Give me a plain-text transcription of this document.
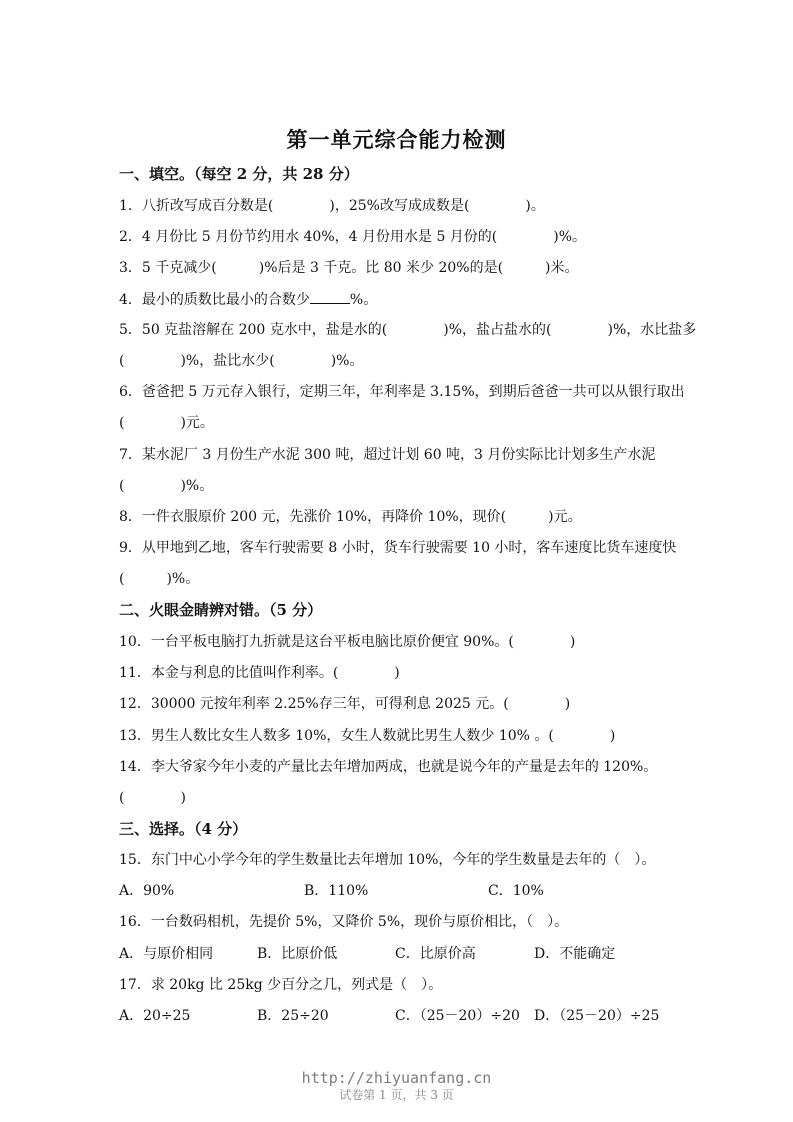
第一单元综合能力检测
一、填空。（每空 2 分，共 28 分）
1．八折改写成百分数是(　　　　)，25%改写成成数是(　　　　)。
2．4 月份比 5 月份节约用水 40%，4 月份用水是 5 月份的(　　　　)%。
3．5 千克减少(　　　)%后是 3 千克。比 80 米少 20%的是(　　　)米。
4．最小的质数比最小的合数少	%。
5．50 克盐溶解在 200 克水中，盐是水的(　　　　)%，盐占盐水的(　　　　)%，水比盐多
(　　　　)%，盐比水少(　　　　)%。
6．爸爸把 5 万元存入银行，定期三年，年利率是 3.15%，到期后爸爸一共可以从银行取出
(　　　　)元。
7．某水泥厂 3 月份生产水泥 300 吨，超过计划 60 吨，3 月份实际比计划多生产水泥
(　　　　)%。
8．一件衣服原价 200 元，先涨价 10%，再降价 10%，现价(　　　)元。
9．从甲地到乙地，客车行驶需要 8 小时，货车行驶需要 10 小时，客车速度比货车速度快
(　　　)%。
二、火眼金睛辨对错。（5 分）
10．一台平板电脑打九折就是这台平板电脑比原价便宜 90%。(　　　　)
11．本金与利息的比值叫作利率。(　　　　)
12．30000 元按年利率 2.25%存三年，可得利息 2025 元。(　　　　)
13．男生人数比女生人数多 10%，女生人数就比男生人数少 10% 。(　　　　)
14．李大爷家今年小麦的产量比去年增加两成，也就是说今年的产量是去年的 120%。
(　　　　)
三、选择。（4 分）
15．东门中心小学今年的学生数量比去年增加 10%，今年的学生数量是去年的（　）。
A．90%	B．110%	C．10%
16．一台数码相机，先提价 5%，又降价 5%，现价与原价相比，（　）。
A．与原价相同	B．比原价低	C．比原价高	D．不能确定
17．求 20kg 比 25kg 少百分之几，列式是（　）。
A．20÷25	B．25÷20	C．（25－20）÷20 D．（25－20）÷25
http://zhiyuanfang.cn
试卷第 1 页，共 3 页
